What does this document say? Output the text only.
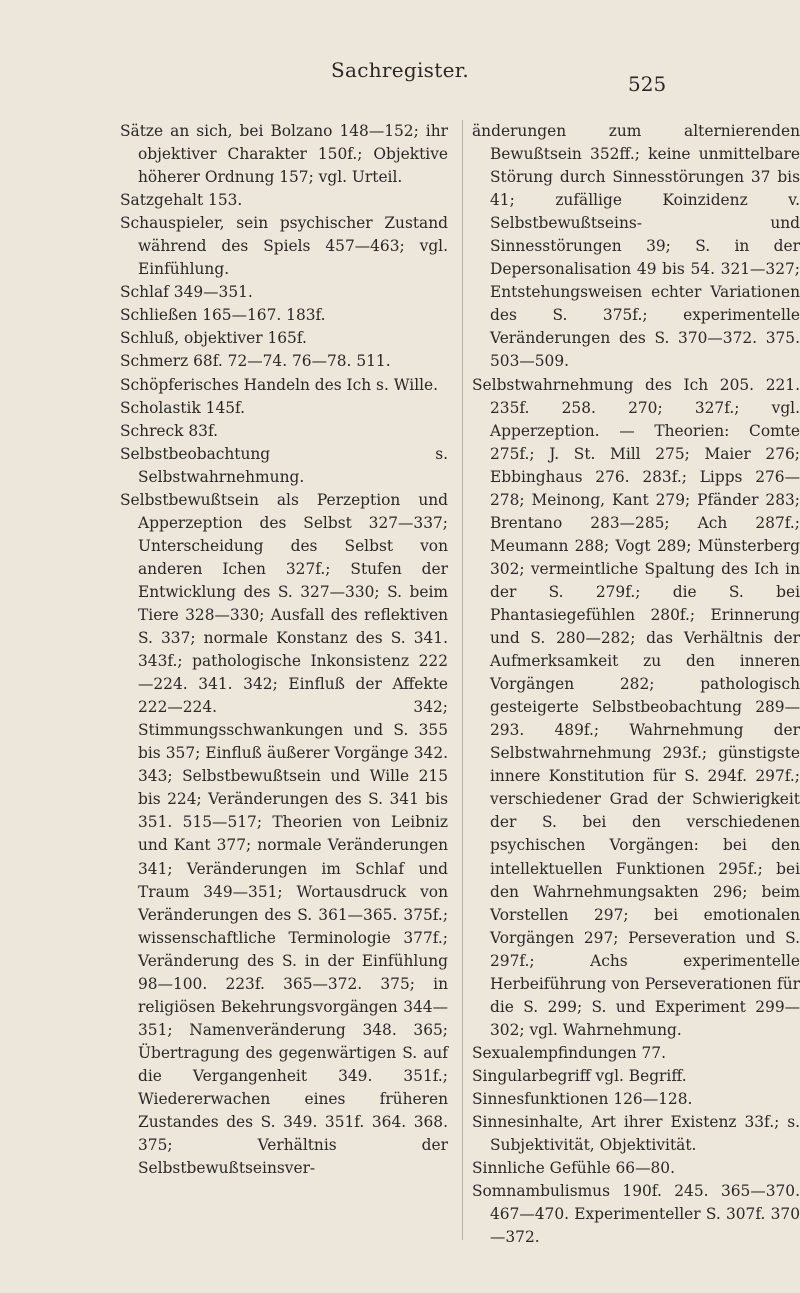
Sachregister.
525

Sätze an sich, bei Bolzano 148—152; ihr objektiver Charakter 150f.; Objektive höherer Ordnung 157; vgl. Urteil.

Satzgehalt 153.

Schauspieler, sein psychischer Zustand während des Spiels 457—463; vgl. Einfühlung.

Schlaf 349—351.

Schließen 165—167. 183f.

Schluß, objektiver 165f.

Schmerz 68f. 72—74. 76—78. 511.

Schöpferisches Handeln des Ich s. Wille.

Scholastik 145f.

Schreck 83f.

Selbstbeobachtung s. Selbstwahrnehmung.

Selbstbewußtsein als Perzeption und Apperzeption des Selbst 327—337; Unterscheidung des Selbst von anderen Ichen 327f.; Stufen der Entwicklung des S. 327—330; S. beim Tiere 328—330; Ausfall des reflektiven S. 337; normale Konstanz des S. 341. 343f.; pathologische Inkonsistenz 222—224. 341. 342; Einfluß der Affekte 222—224. 342; Stimmungsschwankungen und S. 355 bis 357; Einfluß äußerer Vorgänge 342. 343; Selbstbewußtsein und Wille 215 bis 224; Veränderungen des S. 341 bis 351. 515—517; Theorien von Leibniz und Kant 377; normale Veränderungen 341; Veränderungen im Schlaf und Traum 349—351; Wortausdruck von Veränderungen des S. 361—365. 375f.; wissenschaftliche Terminologie 377f.; Veränderung des S. in der Einfühlung 98—100. 223f. 365—372. 375; in religiösen Bekehrungsvorgängen 344—351; Namenveränderung 348. 365; Übertragung des gegenwärtigen S. auf die Vergangenheit 349. 351f.; Wiedererwachen eines früheren Zustandes des S. 349. 351f. 364. 368. 375; Verhältnis der Selbstbewußtseinsver-

änderungen zum alternierenden Bewußtsein 352ff.; keine unmittelbare Störung durch Sinnesstörungen 37 bis 41; zufällige Koinzidenz v. Selbstbewußtseins- und Sinnesstörungen 39; S. in der Depersonalisation 49 bis 54. 321—327; Entstehungsweisen echter Variationen des S. 375f.; experimentelle Veränderungen des S. 370—372. 375. 503—509.

Selbstwahrnehmung des Ich 205. 221. 235f. 258. 270; 327f.; vgl. Apperzeption. — Theorien: Comte 275f.; J. St. Mill 275; Maier 276; Ebbinghaus 276. 283f.; Lipps 276—278; Meinong, Kant 279; Pfänder 283; Brentano 283—285; Ach 287f.; Meumann 288; Vogt 289; Münsterberg 302; vermeintliche Spaltung des Ich in der S. 279f.; die S. bei Phantasiegefühlen 280f.; Erinnerung und S. 280—282; das Verhältnis der Aufmerksamkeit zu den inneren Vorgängen 282; pathologisch gesteigerte Selbstbeobachtung 289—293. 489f.; Wahrnehmung der Selbstwahrnehmung 293f.; günstigste innere Konstitution für S. 294f. 297f.; verschiedener Grad der Schwierigkeit der S. bei den verschiedenen psychischen Vorgängen: bei den intellektuellen Funktionen 295f.; bei den Wahrnehmungsakten 296; beim Vorstellen 297; bei emotionalen Vorgängen 297; Perseveration und S. 297f.; Achs experimentelle Herbeiführung von Perseverationen für die S. 299; S. und Experiment 299—302; vgl. Wahrnehmung.

Sexualempfindungen 77.

Singularbegriff vgl. Begriff.

Sinnesfunktionen 126—128.

Sinnesinhalte, Art ihrer Existenz 33f.; s. Subjektivität, Objektivität.

Sinnliche Gefühle 66—80.

Somnambulismus 190f. 245. 365—370. 467—470. Experimenteller S. 307f. 370—372.
